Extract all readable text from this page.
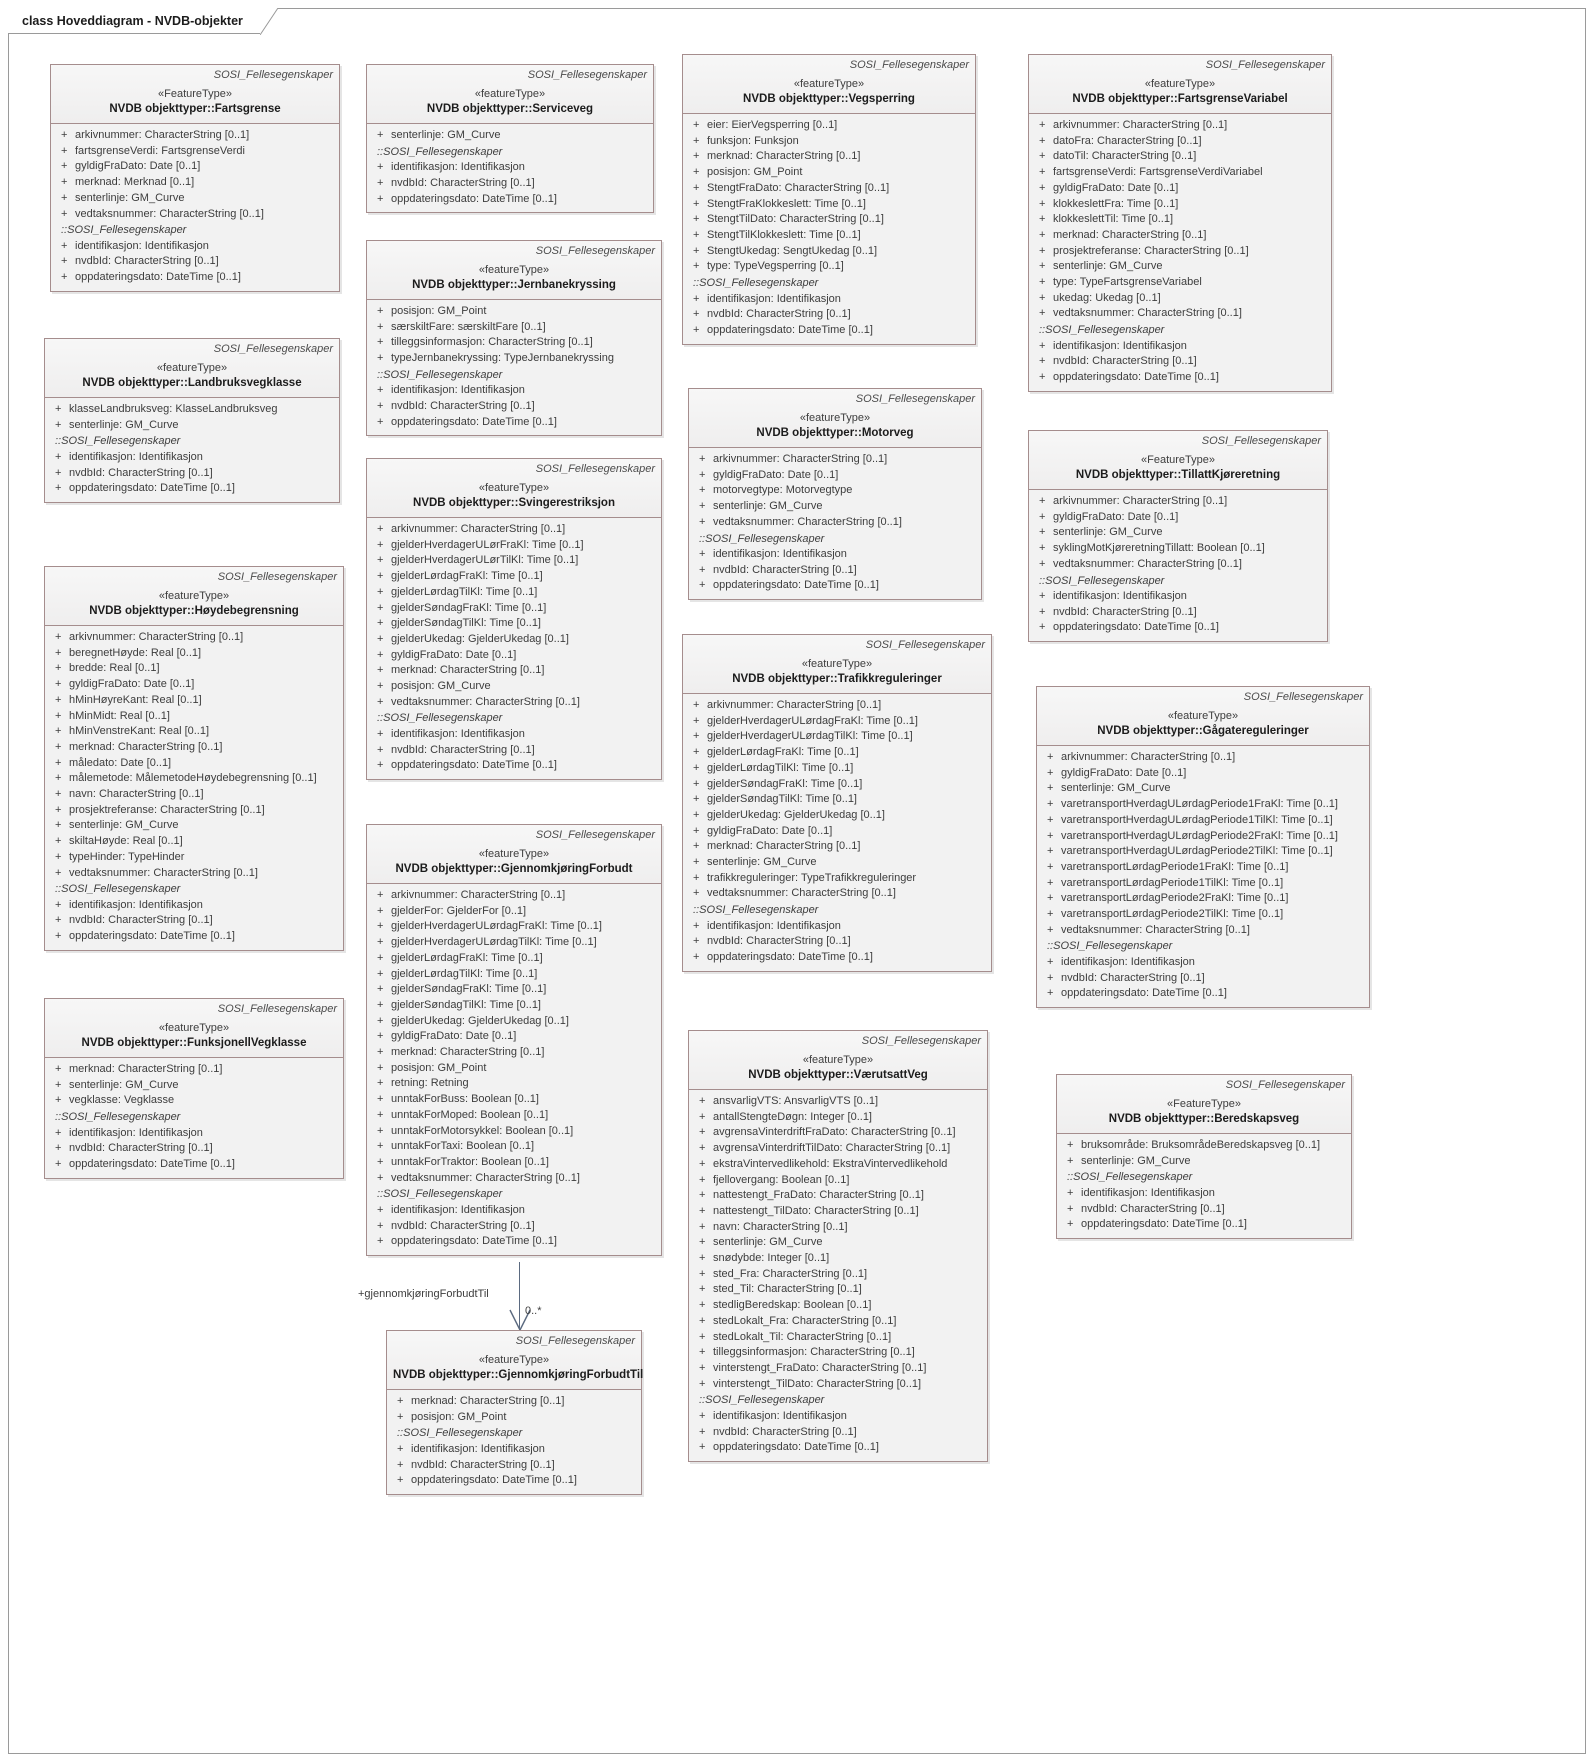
class Hoveddiagram - NVDB-objekter
+gjennomkjøringForbudtTil
0..*
SOSI_Fellesegenskaper
«FeatureType»
NVDB objekttyper::Fartsgrense
+ arkivnummer: CharacterString [0..1]
+ fartsgrenseVerdi: FartsgrenseVerdi
+ gyldigFraDato: Date [0..1]
+ merknad: Merknad [0..1]
+ senterlinje: GM_Curve
+ vedtaksnummer: CharacterString [0..1]
::SOSI_Fellesegenskaper
+ identifikasjon: Identifikasjon
+ nvdbId: CharacterString [0..1]
+ oppdateringsdato: DateTime [0..1]
SOSI_Fellesegenskaper
«featureType»
NVDB objekttyper::Landbruksvegklasse
+ klasseLandbruksveg: KlasseLandbruksveg
+ senterlinje: GM_Curve
::SOSI_Fellesegenskaper
+ identifikasjon: Identifikasjon
+ nvdbId: CharacterString [0..1]
+ oppdateringsdato: DateTime [0..1]
SOSI_Fellesegenskaper
«featureType»
NVDB objekttyper::Høydebegrensning
+ arkivnummer: CharacterString [0..1]
+ beregnetHøyde: Real [0..1]
+ bredde: Real [0..1]
+ gyldigFraDato: Date [0..1]
+ hMinHøyreKant: Real [0..1]
+ hMinMidt: Real [0..1]
+ hMinVenstreKant: Real [0..1]
+ merknad: CharacterString [0..1]
+ måledato: Date [0..1]
+ målemetode: MålemetodeHøydebegrensning [0..1]
+ navn: CharacterString [0..1]
+ prosjektreferanse: CharacterString [0..1]
+ senterlinje: GM_Curve
+ skiltaHøyde: Real [0..1]
+ typeHinder: TypeHinder
+ vedtaksnummer: CharacterString [0..1]
::SOSI_Fellesegenskaper
+ identifikasjon: Identifikasjon
+ nvdbId: CharacterString [0..1]
+ oppdateringsdato: DateTime [0..1]
SOSI_Fellesegenskaper
«featureType»
NVDB objekttyper::FunksjonellVegklasse
+ merknad: CharacterString [0..1]
+ senterlinje: GM_Curve
+ vegklasse: Vegklasse
::SOSI_Fellesegenskaper
+ identifikasjon: Identifikasjon
+ nvdbId: CharacterString [0..1]
+ oppdateringsdato: DateTime [0..1]
SOSI_Fellesegenskaper
«featureType»
NVDB objekttyper::Serviceveg
+ senterlinje: GM_Curve
::SOSI_Fellesegenskaper
+ identifikasjon: Identifikasjon
+ nvdbId: CharacterString [0..1]
+ oppdateringsdato: DateTime [0..1]
SOSI_Fellesegenskaper
«featureType»
NVDB objekttyper::Jernbanekryssing
+ posisjon: GM_Point
+ særskiltFare: særskiltFare [0..1]
+ tilleggsinformasjon: CharacterString [0..1]
+ typeJernbanekryssing: TypeJernbanekryssing
::SOSI_Fellesegenskaper
+ identifikasjon: Identifikasjon
+ nvdbId: CharacterString [0..1]
+ oppdateringsdato: DateTime [0..1]
SOSI_Fellesegenskaper
«featureType»
NVDB objekttyper::Svingerestriksjon
+ arkivnummer: CharacterString [0..1]
+ gjelderHverdagerULørFraKl: Time [0..1]
+ gjelderHverdagerULørTilKl: Time [0..1]
+ gjelderLørdagFraKl: Time [0..1]
+ gjelderLørdagTilKl: Time [0..1]
+ gjelderSøndagFraKl: Time [0..1]
+ gjelderSøndagTilKl: Time [0..1]
+ gjelderUkedag: GjelderUkedag [0..1]
+ gyldigFraDato: Date [0..1]
+ merknad: CharacterString [0..1]
+ posisjon: GM_Curve
+ vedtaksnummer: CharacterString [0..1]
::SOSI_Fellesegenskaper
+ identifikasjon: Identifikasjon
+ nvdbId: CharacterString [0..1]
+ oppdateringsdato: DateTime [0..1]
SOSI_Fellesegenskaper
«featureType»
NVDB objekttyper::GjennomkjøringForbudt
+ arkivnummer: CharacterString [0..1]
+ gjelderFor: GjelderFor [0..1]
+ gjelderHverdagerULørdagFraKl: Time [0..1]
+ gjelderHverdagerULørdagTilKl: Time [0..1]
+ gjelderLørdagFraKl: Time [0..1]
+ gjelderLørdagTilKl: Time [0..1]
+ gjelderSøndagFraKl: Time [0..1]
+ gjelderSøndagTilKl: Time [0..1]
+ gjelderUkedag: GjelderUkedag [0..1]
+ gyldigFraDato: Date [0..1]
+ merknad: CharacterString [0..1]
+ posisjon: GM_Point
+ retning: Retning
+ unntakForBuss: Boolean [0..1]
+ unntakForMoped: Boolean [0..1]
+ unntakForMotorsykkel: Boolean [0..1]
+ unntakForTaxi: Boolean [0..1]
+ unntakForTraktor: Boolean [0..1]
+ vedtaksnummer: CharacterString [0..1]
::SOSI_Fellesegenskaper
+ identifikasjon: Identifikasjon
+ nvdbId: CharacterString [0..1]
+ oppdateringsdato: DateTime [0..1]
SOSI_Fellesegenskaper
«featureType»
NVDB objekttyper::GjennomkjøringForbudtTil
+ merknad: CharacterString [0..1]
+ posisjon: GM_Point
::SOSI_Fellesegenskaper
+ identifikasjon: Identifikasjon
+ nvdbId: CharacterString [0..1]
+ oppdateringsdato: DateTime [0..1]
SOSI_Fellesegenskaper
«featureType»
NVDB objekttyper::Vegsperring
+ eier: EierVegsperring [0..1]
+ funksjon: Funksjon
+ merknad: CharacterString [0..1]
+ posisjon: GM_Point
+ StengtFraDato: CharacterString [0..1]
+ StengtFraKlokkeslett: Time [0..1]
+ StengtTilDato: CharacterString [0..1]
+ StengtTilKlokkeslett: Time [0..1]
+ StengtUkedag: SengtUkedag [0..1]
+ type: TypeVegsperring [0..1]
::SOSI_Fellesegenskaper
+ identifikasjon: Identifikasjon
+ nvdbId: CharacterString [0..1]
+ oppdateringsdato: DateTime [0..1]
SOSI_Fellesegenskaper
«featureType»
NVDB objekttyper::Motorveg
+ arkivnummer: CharacterString [0..1]
+ gyldigFraDato: Date [0..1]
+ motorvegtype: Motorvegtype
+ senterlinje: GM_Curve
+ vedtaksnummer: CharacterString [0..1]
::SOSI_Fellesegenskaper
+ identifikasjon: Identifikasjon
+ nvdbId: CharacterString [0..1]
+ oppdateringsdato: DateTime [0..1]
SOSI_Fellesegenskaper
«featureType»
NVDB objekttyper::Trafikkreguleringer
+ arkivnummer: CharacterString [0..1]
+ gjelderHverdagerULørdagFraKl: Time [0..1]
+ gjelderHverdagerULørdagTilKl: Time [0..1]
+ gjelderLørdagFraKl: Time [0..1]
+ gjelderLørdagTilKl: Time [0..1]
+ gjelderSøndagFraKl: Time [0..1]
+ gjelderSøndagTilKl: Time [0..1]
+ gjelderUkedag: GjelderUkedag [0..1]
+ gyldigFraDato: Date [0..1]
+ merknad: CharacterString [0..1]
+ senterlinje: GM_Curve
+ trafikkreguleringer: TypeTrafikkreguleringer
+ vedtaksnummer: CharacterString [0..1]
::SOSI_Fellesegenskaper
+ identifikasjon: Identifikasjon
+ nvdbId: CharacterString [0..1]
+ oppdateringsdato: DateTime [0..1]
SOSI_Fellesegenskaper
«featureType»
NVDB objekttyper::VærutsattVeg
+ ansvarligVTS: AnsvarligVTS [0..1]
+ antallStengteDøgn: Integer [0..1]
+ avgrensaVinterdriftFraDato: CharacterString [0..1]
+ avgrensaVinterdriftTilDato: CharacterString [0..1]
+ ekstraVintervedlikehold: EkstraVintervedlikehold
+ fjellovergang: Boolean [0..1]
+ nattestengt_FraDato: CharacterString [0..1]
+ nattestengt_TilDato: CharacterString [0..1]
+ navn: CharacterString [0..1]
+ senterlinje: GM_Curve
+ snødybde: Integer [0..1]
+ sted_Fra: CharacterString [0..1]
+ sted_Til: CharacterString [0..1]
+ stedligBeredskap: Boolean [0..1]
+ stedLokalt_Fra: CharacterString [0..1]
+ stedLokalt_Til: CharacterString [0..1]
+ tilleggsinformasjon: CharacterString [0..1]
+ vinterstengt_FraDato: CharacterString [0..1]
+ vinterstengt_TilDato: CharacterString [0..1]
::SOSI_Fellesegenskaper
+ identifikasjon: Identifikasjon
+ nvdbId: CharacterString [0..1]
+ oppdateringsdato: DateTime [0..1]
SOSI_Fellesegenskaper
«featureType»
NVDB objekttyper::FartsgrenseVariabel
+ arkivnummer: CharacterString [0..1]
+ datoFra: CharacterString [0..1]
+ datoTil: CharacterString [0..1]
+ fartsgrenseVerdi: FartsgrenseVerdiVariabel
+ gyldigFraDato: Date [0..1]
+ klokkeslettFra: Time [0..1]
+ klokkeslettTil: Time [0..1]
+ merknad: CharacterString [0..1]
+ prosjektreferanse: CharacterString [0..1]
+ senterlinje: GM_Curve
+ type: TypeFartsgrenseVariabel
+ ukedag: Ukedag [0..1]
+ vedtaksnummer: CharacterString [0..1]
::SOSI_Fellesegenskaper
+ identifikasjon: Identifikasjon
+ nvdbId: CharacterString [0..1]
+ oppdateringsdato: DateTime [0..1]
SOSI_Fellesegenskaper
«FeatureType»
NVDB objekttyper::TillattKjøreretning
+ arkivnummer: CharacterString [0..1]
+ gyldigFraDato: Date [0..1]
+ senterlinje: GM_Curve
+ syklingMotKjøreretningTillatt: Boolean [0..1]
+ vedtaksnummer: CharacterString [0..1]
::SOSI_Fellesegenskaper
+ identifikasjon: Identifikasjon
+ nvdbId: CharacterString [0..1]
+ oppdateringsdato: DateTime [0..1]
SOSI_Fellesegenskaper
«featureType»
NVDB objekttyper::Gågatereguleringer
+ arkivnummer: CharacterString [0..1]
+ gyldigFraDato: Date [0..1]
+ senterlinje: GM_Curve
+ varetransportHverdagULørdagPeriode1FraKl: Time [0..1]
+ varetransportHverdagULørdagPeriode1TilKl: Time [0..1]
+ varetransportHverdagULørdagPeriode2FraKl: Time [0..1]
+ varetransportHverdagULørdagPeriode2TilKl: Time [0..1]
+ varetransportLørdagPeriode1FraKl: Time [0..1]
+ varetransportLørdagPeriode1TilKl: Time [0..1]
+ varetransportLørdagPeriode2FraKl: Time [0..1]
+ varetransportLørdagPeriode2TilKl: Time [0..1]
+ vedtaksnummer: CharacterString [0..1]
::SOSI_Fellesegenskaper
+ identifikasjon: Identifikasjon
+ nvdbId: CharacterString [0..1]
+ oppdateringsdato: DateTime [0..1]
SOSI_Fellesegenskaper
«FeatureType»
NVDB objekttyper::Beredskapsveg
+ bruksområde: BruksområdeBeredskapsveg [0..1]
+ senterlinje: GM_Curve
::SOSI_Fellesegenskaper
+ identifikasjon: Identifikasjon
+ nvdbId: CharacterString [0..1]
+ oppdateringsdato: DateTime [0..1]
